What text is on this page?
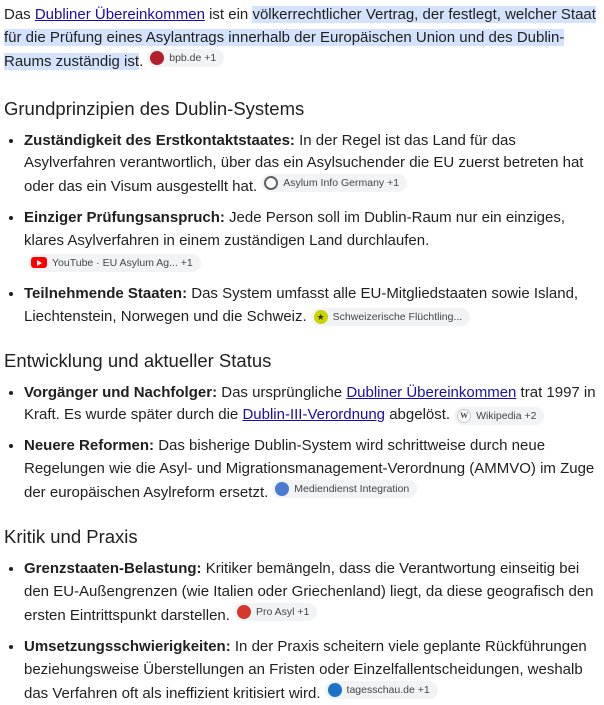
Das Dubliner Übereinkommen ist ein völkerrechtlicher Vertrag, der festlegt, welcher Staat für die Prüfung eines Asylantrags innerhalb der Europäischen Union und des Dublin-Raums zuständig ist. bpb.de +1

Grundprinzipien des Dublin-Systems
• Zuständigkeit des Erstkontaktstaates: In der Regel ist das Land für das Asylverfahren verantwortlich, über das ein Asylsuchender die EU zuerst betreten hat oder das ein Visum ausgestellt hat. Asylum Info Germany +1
• Einziger Prüfungsanspruch: Jede Person soll im Dublin-Raum nur ein einziges, klares Asylverfahren in einem zuständigen Land durchlaufen.
YouTube · EU Asylum Ag... +1
• Teilnehmende Staaten: Das System umfasst alle EU-Mitgliedstaaten sowie Island, Liechtenstein, Norwegen und die Schweiz.	★ Schweizerische Flüchtling...
Entwicklung und aktueller Status
• Vorgänger und Nachfolger: Das ursprüngliche Dubliner Übereinkommen trat 1997 in Kraft. Es wurde später durch die Dublin-III-Verordnung abgelöst.	W Wikipedia +2
• Neuere Reformen: Das bisherige Dublin-System wird schrittweise durch neue Regelungen wie die Asyl- und Migrationsmanagement-Verordnung (AMMVO) im Zuge der europäischen Asylreform ersetzt. Mediendienst Integration
Kritik und Praxis
• Grenzstaaten-Belastung: Kritiker bemängeln, dass die Verantwortung einseitig bei den EU-Außengrenzen (wie Italien oder Griechenland) liegt, da diese geografisch den ersten Eintrittspunkt darstellen. Pro Asyl +1
• Umsetzungsschwierigkeiten: In der Praxis scheitern viele geplante Rückführungen beziehungsweise Überstellungen an Fristen oder Einzelfallentscheidungen, weshalb das Verfahren oft als ineffizient kritisiert wird. tagesschau.de +1
